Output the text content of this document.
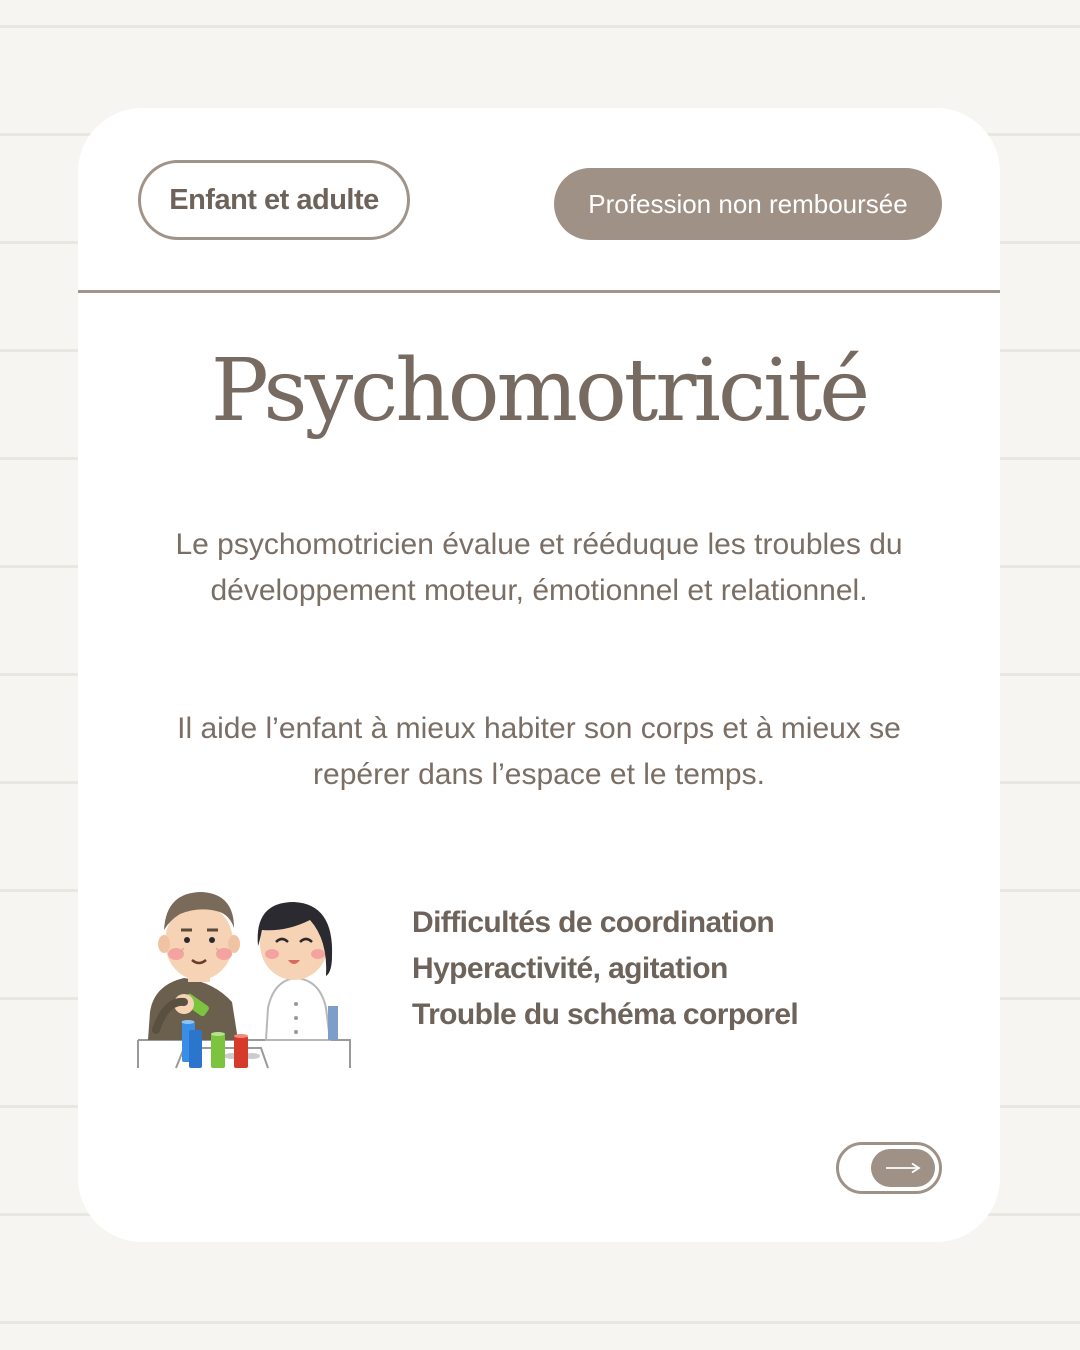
Enfant et adulte	Profession non remboursée
Psychomotricité

Le psychomotricien évalue et rééduque les troubles du développement moteur, émotionnel et relationnel.

Il aide l’enfant à mieux habiter son corps et à mieux se repérer dans l’espace et le temps.

Difficultés de coordination
Hyperactivité, agitation
Trouble du schéma corporel
